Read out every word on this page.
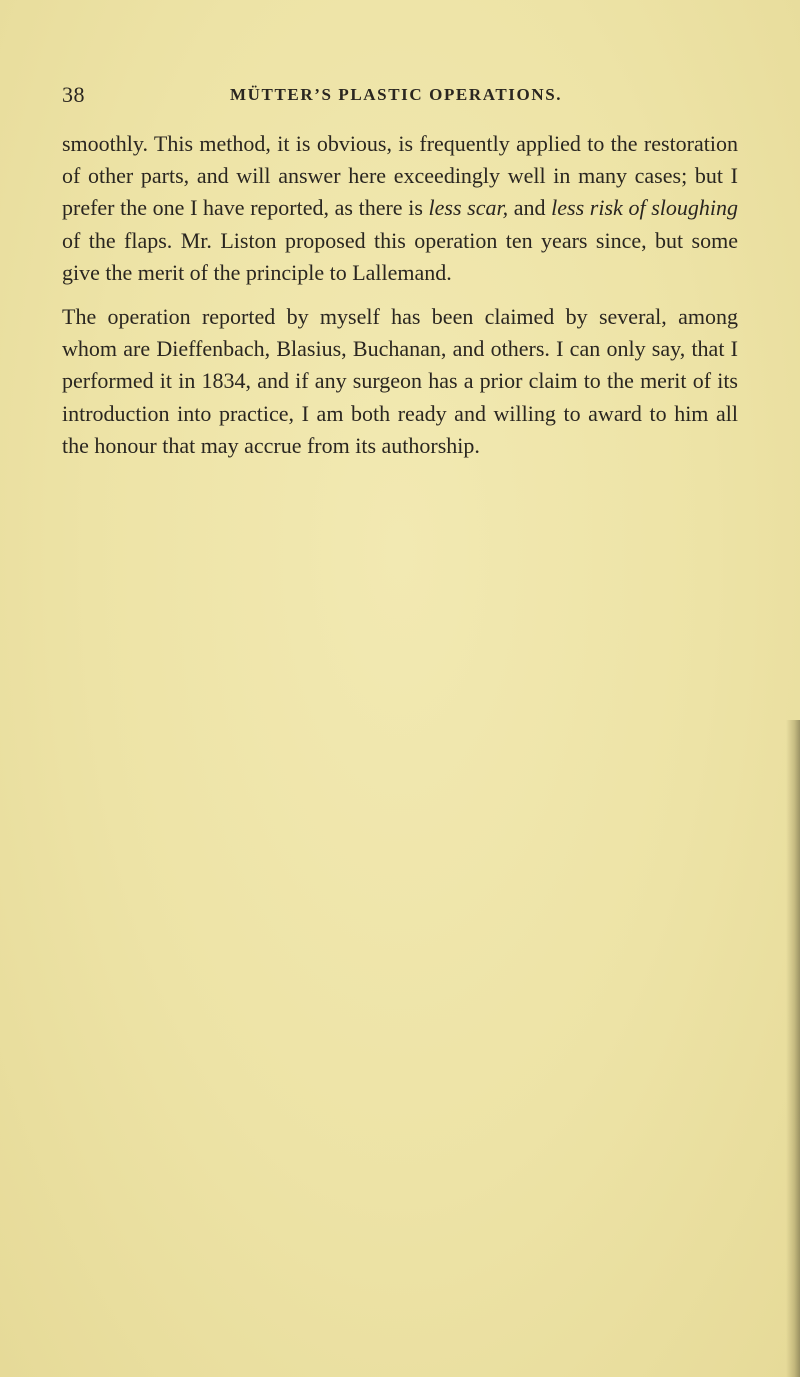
38	MÜTTER’S PLASTIC OPERATIONS.

smoothly. This method, it is obvious, is frequently applied to the restoration of other parts, and will answer here exceedingly well in many cases; but I prefer the one I have reported, as there is less scar, and less risk of sloughing of the flaps. Mr. Liston proposed this operation ten years since, but some give the merit of the principle to Lallemand.

The operation reported by myself has been claimed by several, among whom are Dieffenbach, Blasius, Buchanan, and others. I can only say, that I performed it in 1834, and if any surgeon has a prior claim to the merit of its introduction into practice, I am both ready and willing to award to him all the honour that may accrue from its authorship.
